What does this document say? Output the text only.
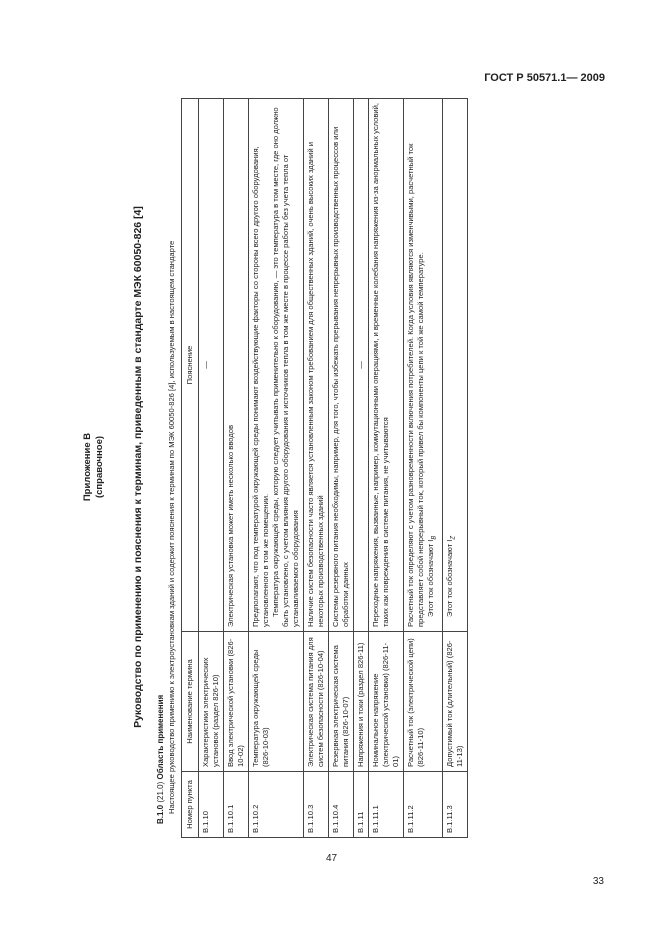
ГОСТ Р 50571.1— 2009
Приложение В (справочное)	Руководство по применению и пояснения к терминам, приведенным в стандарте МЭК 60050-826 [4]
В.1.0 (21.0) Область применения Настоящее руководство применимо к электроустановкам зданий и содержит пояснения к терминам по МЭК 60050-826 [4], используемым в настоящем стандарте Номер пункта	Наименование термина	Пояснение
В.1.10	Характеристики электрических установок (раздел 826-10)	—
В.1.10.1	Ввод электрической установки (826-10-02)	Электрическая установка может иметь несколько вводов
В.1.10.2	Температура окружающей среды (826-10-03)	Предполагают, что под температурой окружающей среды понимают воздействующие факторы со стороны всего другого оборудования, установленного в том же помещении. Температура окружающей среды, которую следует учитывать применительно к оборудованию, — это температура в том месте, где оно должно быть установлено, с учетом влияния другого оборудования и источников тепла в том же месте в процессе работы без учета тепла от устанавливаемого оборудования

В.1.10.3	Электрическая система питания для систем безопасности (826-10-04)	Наличие систем безопасности часто является установленным законом требованием для общественных зданий, очень высоких зданий и некоторых производственных зданий
В.1.10.4	Резервная электрическая система питания (826-10-07)	Системы резервного питания необходимы, например, для того, чтобы избежать прерывания непрерывных производственных процессов или обработки данных
В.1.11	Напряжения и токи (раздел 826-11)	—
В.1.11.1	Номинальное напряжение (электрической установки) (826-11-01)	Переходные напряжения, вызванные, например, коммутационными операциями, и временные колебания напряжения из-за анормальных условий, таких как повреждения в системе питания, не учитываются
В.1.11.2	Расчетный ток (электрической цепи) (826-11-10)	Расчетный ток определяют с учетом разновременности включения потребителей. Когда условия являются изменчивыми, расчетный ток представляет собой непрерывный ток, который привел бы компоненты цепи к той же самой температуре. Этот ток обозначают $I_B$

В.1.11.3	Допустимый ток (длительный) (826-11-13)	Этот ток обозначают $I_Z$
47
33
